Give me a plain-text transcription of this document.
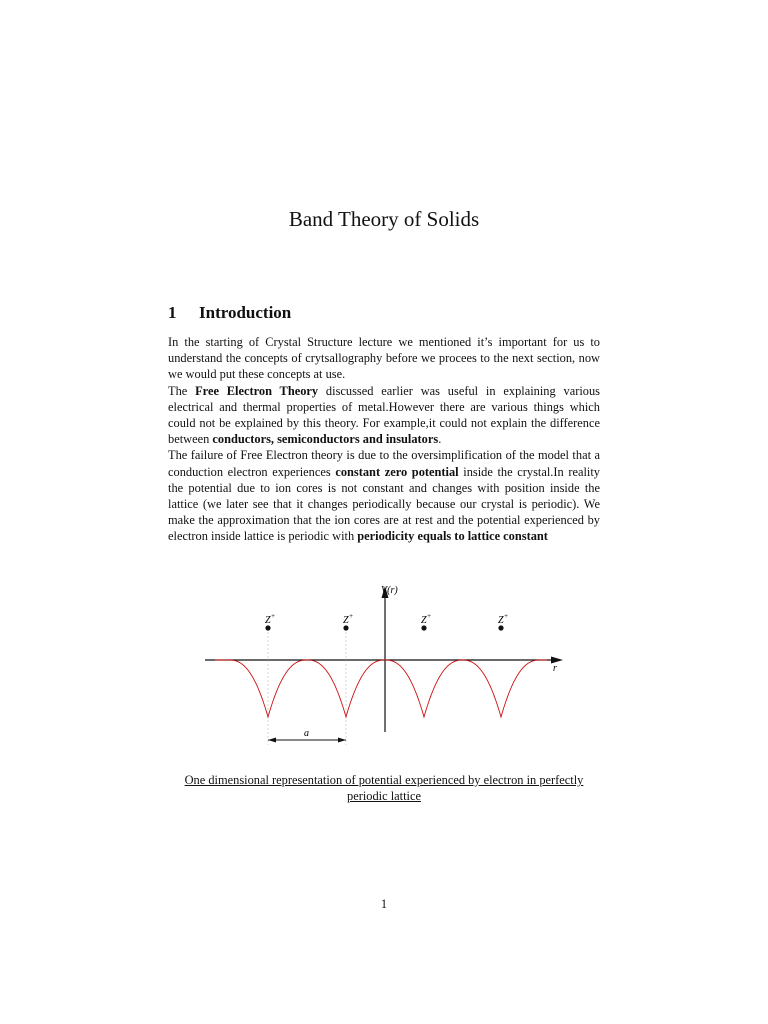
Band Theory of Solids
1 Introduction

In the starting of Crystal Structure lecture we mentioned it’s important for us to understand the concepts of crytsallography before we procees to the next section, now we would put these concepts at use.

The Free Electron Theory discussed earlier was useful in explaining various electrical and thermal properties of metal.However there are various things which could not be explained by this theory. For example,it could not explain the difference between conductors, semiconductors and insulators.

The failure of Free Electron theory is due to the oversimplification of the model that a conduction electron experiences constant zero potential inside the crystal.In reality the potential due to ion cores is not constant and changes with position inside the lattice (we later see that it changes periodically because our crystal is periodic). We make the approximation that the ion cores are at rest and the potential experienced by electron inside lattice is periodic with periodicity equals to lattice constant

V(r)
r
Z+	Z+	Z+	Z+
a
One dimensional representation of potential experienced by electron in perfectly periodic lattice
1
